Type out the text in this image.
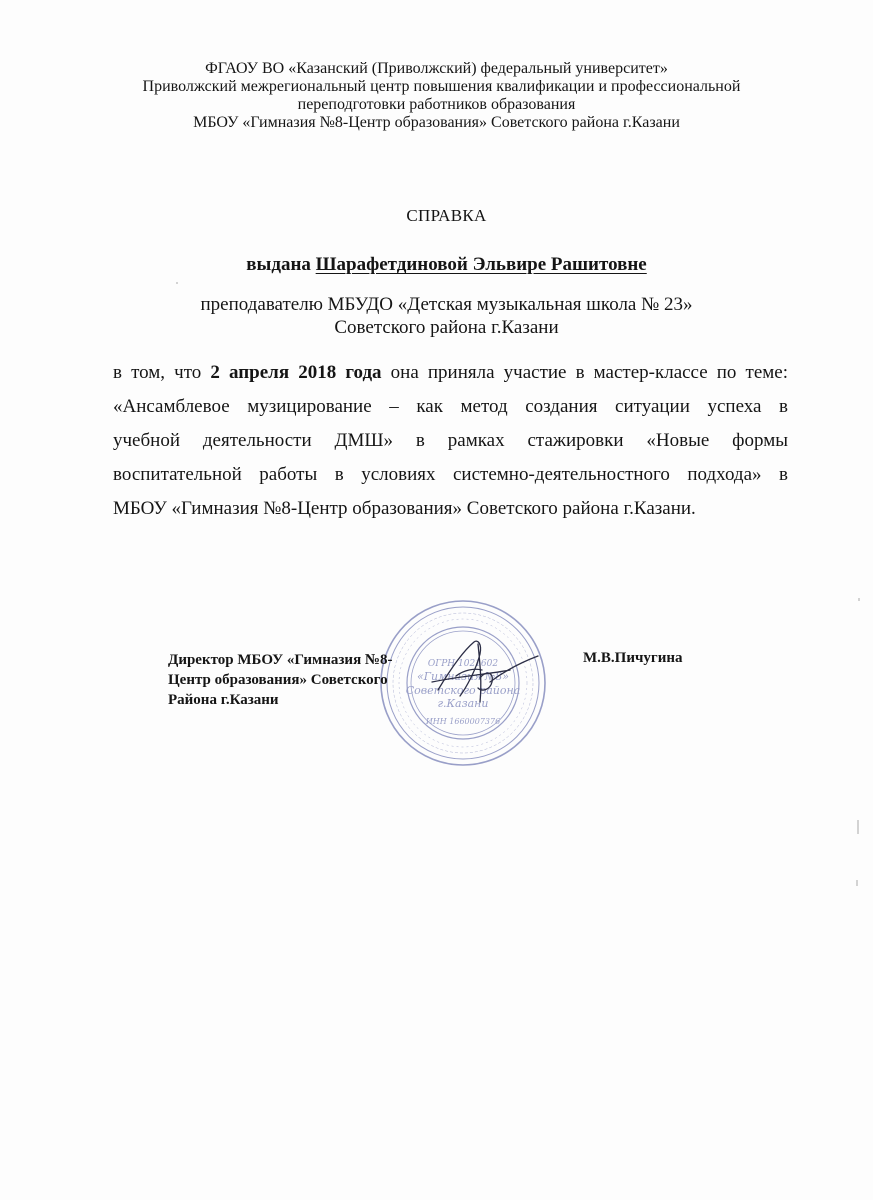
ФГАОУ ВО «Казанский (Приволжский) федеральный университет»
Приволжский межрегиональный центр повышения квалификации и профессиональной
переподготовки работников образования
МБОУ «Гимназия №8-Центр образования» Советского района г.Казани
СПРАВКА
выдана Шарафетдиновой Эльвире Рашитовне
преподавателю МБУДО «Детская музыкальная школа № 23»
Советского района г.Казани
в том, что 2 апреля 2018 года она приняла участие в мастер-классе по теме:
«Ансамблевое музицирование – как метод создания ситуации успеха в
учебной деятельности ДМШ» в рамках стажировки «Новые формы
воспитательной работы в условиях системно-деятельностного подхода» в
МБОУ «Гимназия №8-Центр образования» Советского района г.Казани.
ОГРН 1021602
«Гимназия №8»
Советского района
г.Казани
ИНН 1660007376
Директор МБОУ «Гимназия №8-
Центр образования» Советского
Района г.Казани
М.В.Пичугина
